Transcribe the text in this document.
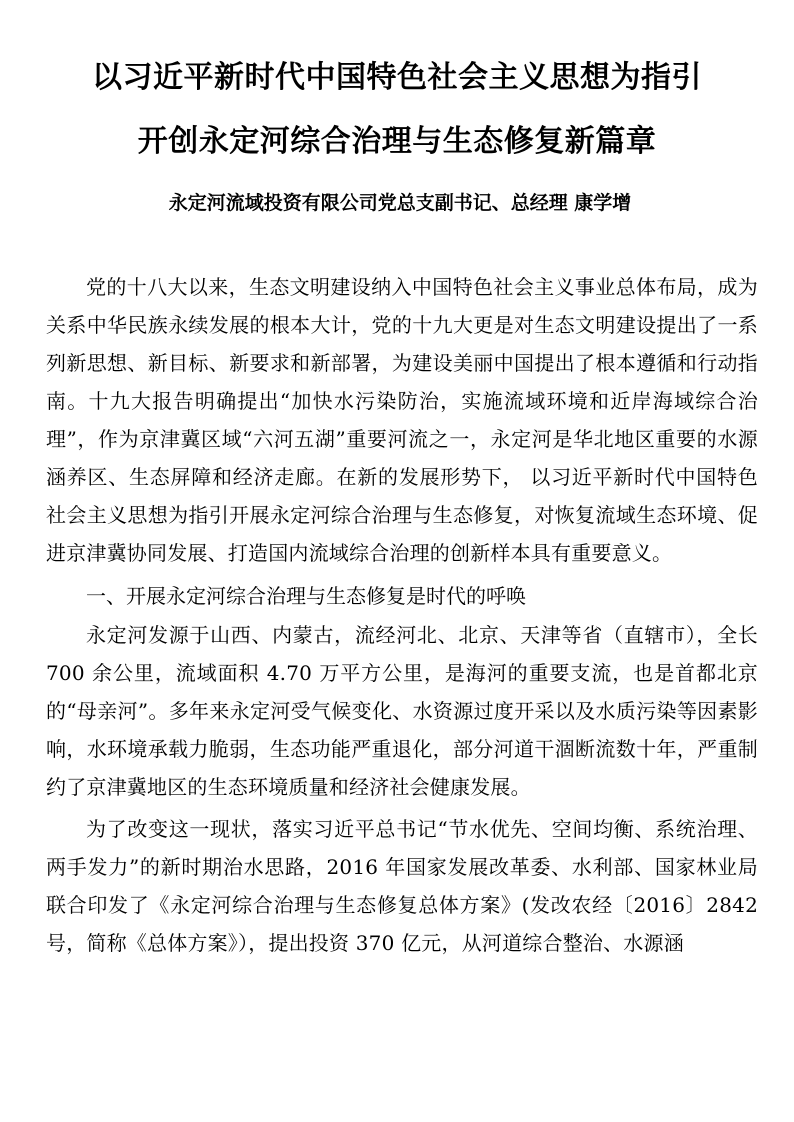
以习近平新时代中国特色社会主义思想为指引
开创永定河综合治理与生态修复新篇章

永定河流域投资有限公司党总支副书记、总经理 康学增

党的十八大以来，生态文明建设纳入中国特色社会主义事业总体布局，成为关系中华民族永续发展的根本大计，党的十九大更是对生态文明建设提出了一系列新思想、新目标、新要求和新部署，为建设美丽中国提出了根本遵循和行动指南。十九大报告明确提出“加快水污染防治，实施流域环境和近岸海域综合治理”，作为京津冀区域“六河五湖”重要河流之一，永定河是华北地区重要的水源涵养区、生态屏障和经济走廊。在新的发展形势下， 以习近平新时代中国特色社会主义思想为指引开展永定河综合治理与生态修复，对恢复流域生态环境、促进京津冀协同发展、打造国内流域综合治理的创新样本具有重要意义。

一、开展永定河综合治理与生态修复是时代的呼唤

永定河发源于山西、内蒙古，流经河北、北京、天津等省（直辖市），全长 700 余公里，流域面积 4.70 万平方公里，是海河的重要支流，也是首都北京的“母亲河”。多年来永定河受气候变化、水资源过度开采以及水质污染等因素影响，水环境承载力脆弱，生态功能严重退化，部分河道干涸断流数十年，严重制约了京津冀地区的生态环境质量和经济社会健康发展。

为了改变这一现状，落实习近平总书记“节水优先、空间均衡、系统治理、两手发力”的新时期治水思路，2016 年国家发展改革委、水利部、国家林业局联合印发了《永定河综合治理与生态修复总体方案》(发改农经〔2016〕2842 号，简称《总体方案》），提出投资 370 亿元，从河道综合整治、水源涵
